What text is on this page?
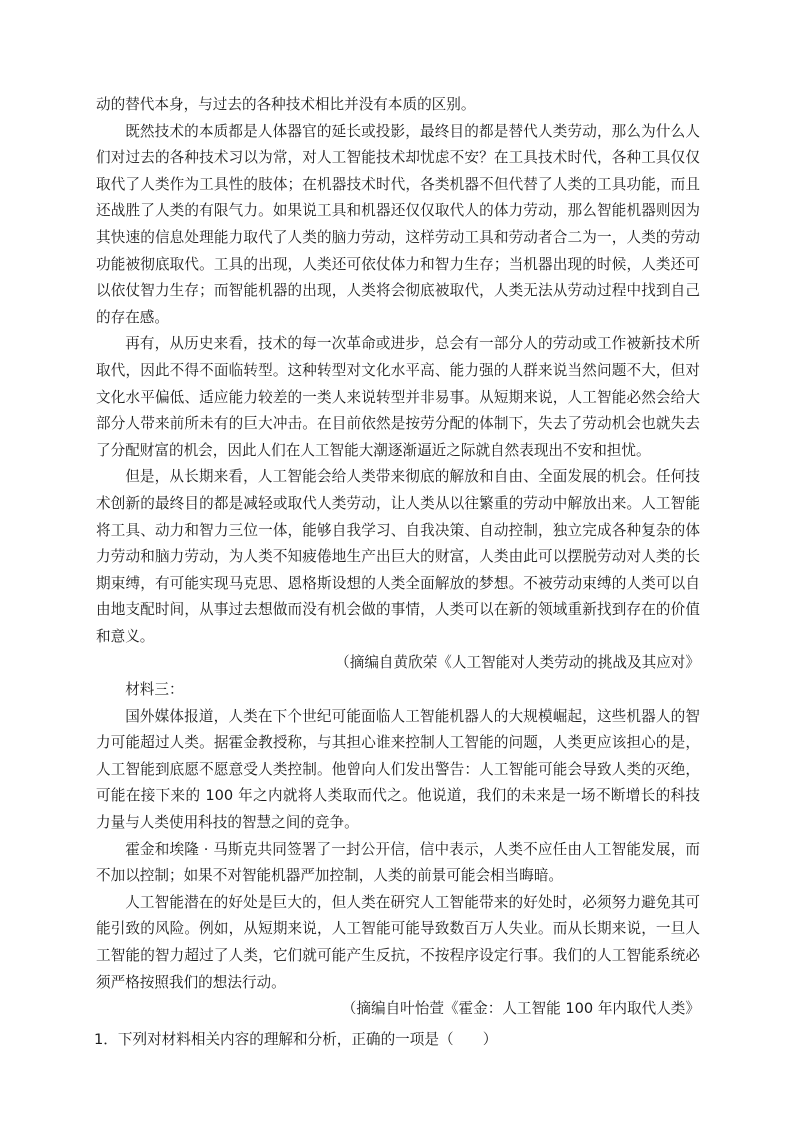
动的替代本身，与过去的各种技术相比并没有本质的区别。

既然技术的本质都是人体器官的延长或投影，最终目的都是替代人类劳动，那么为什么人们对过去的各种技术习以为常，对人工智能技术却忧虑不安？在工具技术时代，各种工具仅仅取代了人类作为工具性的肢体；在机器技术时代，各类机器不但代替了人类的工具功能，而且还战胜了人类的有限气力。如果说工具和机器还仅仅取代人的体力劳动，那么智能机器则因为其快速的信息处理能力取代了人类的脑力劳动，这样劳动工具和劳动者合二为一，人类的劳动功能被彻底取代。工具的出现，人类还可依仗体力和智力生存；当机器出现的时候，人类还可以依仗智力生存；而智能机器的出现，人类将会彻底被取代，人类无法从劳动过程中找到自己的存在感。

再有，从历史来看，技术的每一次革命或进步，总会有一部分人的劳动或工作被新技术所取代，因此不得不面临转型。这种转型对文化水平高、能力强的人群来说当然问题不大，但对文化水平偏低、适应能力较差的一类人来说转型并非易事。从短期来说，人工智能必然会给大部分人带来前所未有的巨大冲击。在目前依然是按劳分配的体制下，失去了劳动机会也就失去了分配财富的机会，因此人们在人工智能大潮逐渐逼近之际就自然表现出不安和担忧。

但是，从长期来看，人工智能会给人类带来彻底的解放和自由、全面发展的机会。任何技术创新的最终目的都是减轻或取代人类劳动，让人类从以往繁重的劳动中解放出来。人工智能将工具、动力和智力三位一体，能够自我学习、自我决策、自动控制，独立完成各种复杂的体力劳动和脑力劳动，为人类不知疲倦地生产出巨大的财富，人类由此可以摆脱劳动对人类的长期束缚，有可能实现马克思、恩格斯设想的人类全面解放的梦想。不被劳动束缚的人类可以自由地支配时间，从事过去想做而没有机会做的事情，人类可以在新的领域重新找到存在的价值和意义。

（摘编自黄欣荣《人工智能对人类劳动的挑战及其应对》

材料三：

国外媒体报道，人类在下个世纪可能面临人工智能机器人的大规模崛起，这些机器人的智力可能超过人类。据霍金教授称，与其担心谁来控制人工智能的问题，人类更应该担心的是，人工智能到底愿不愿意受人类控制。他曾向人们发出警告：人工智能可能会导致人类的灭绝，可能在接下来的 100 年之内就将人类取而代之。他说道，我们的未来是一场不断增长的科技力量与人类使用科技的智慧之间的竞争。

霍金和埃隆 · 马斯克共同签署了一封公开信，信中表示，人类不应任由人工智能发展，而不加以控制；如果不对智能机器严加控制，人类的前景可能会相当晦暗。

人工智能潜在的好处是巨大的，但人类在研究人工智能带来的好处时，必须努力避免其可能引致的风险。例如，从短期来说，人工智能可能导致数百万人失业。而从长期来说，一旦人工智能的智力超过了人类，它们就可能产生反抗，不按程序设定行事。我们的人工智能系统必须严格按照我们的想法行动。

（摘编自叶怡萱《霍金：人工智能 100 年内取代人类》

1．下列对材料相关内容的理解和分析，正确的一项是（　　）
